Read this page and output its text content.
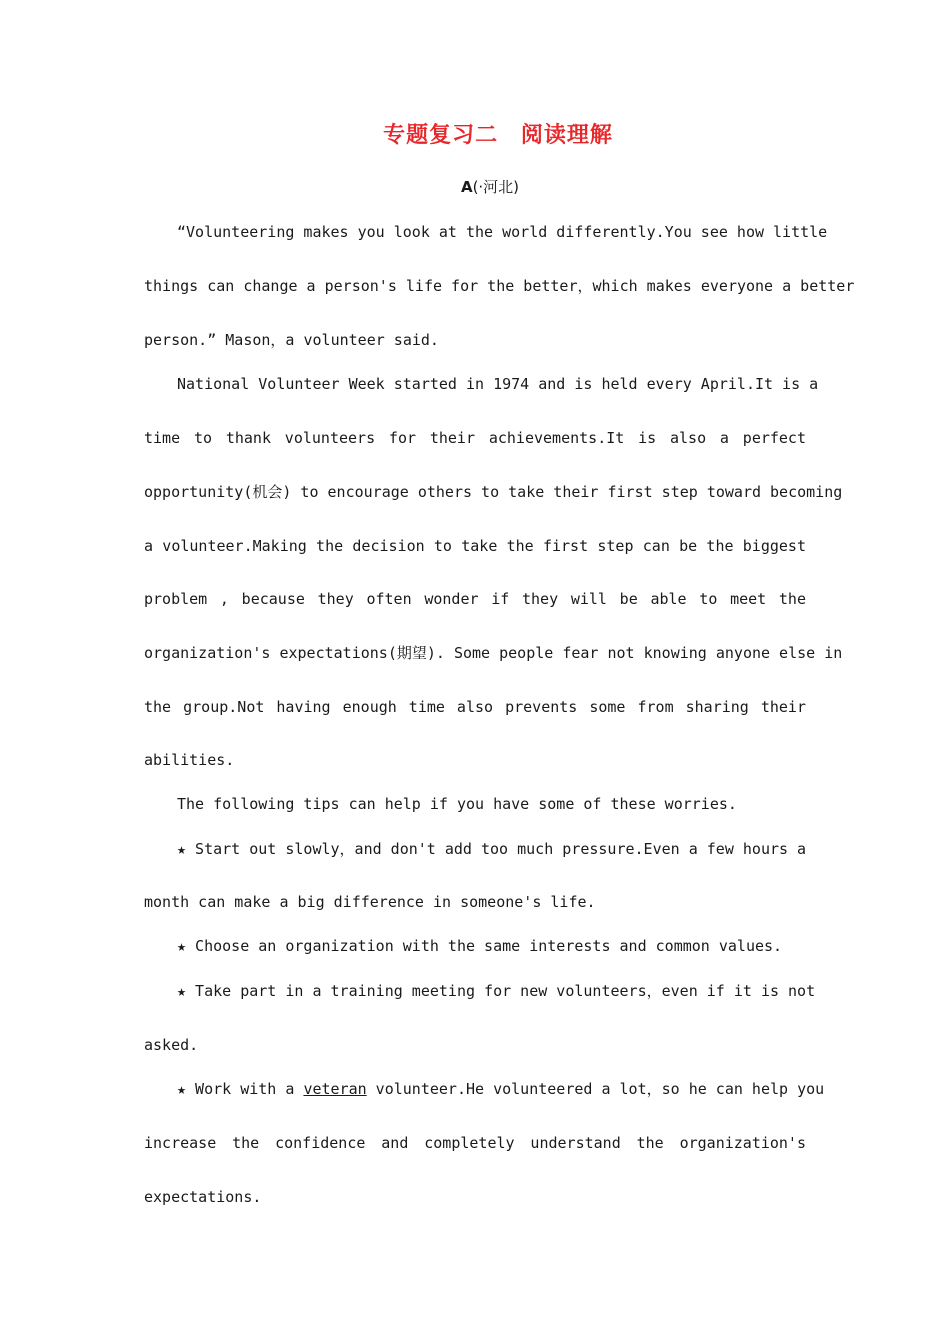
专题复习二 阅读理解
A(·河北)
“Volunteering makes you look at the world differently.You see how little
things can change a person's life for the better，which makes everyone a better
person.” Mason，a volunteer said.
National Volunteer Week started in 1974 and is held every April.It is a
time to thank volunteers for their achievements.It is also a perfect
opportunity(机会) to encourage others to take their first step toward becoming
a volunteer.Making the decision to take the first step can be the biggest
problem , because they often wonder if they will be able to meet the
organization's expectations(期望). Some people fear not knowing anyone else in
the group.Not having enough time also prevents some from sharing their
abilities.
The following tips can help if you have some of these worries.
★ Start out slowly，and don't add too much pressure.Even a few hours a
month can make a big difference in someone's life.
★ Choose an organization with the same interests and common values.
★ Take part in a training meeting for new volunteers，even if it is not
asked.
★ Work with a veteran volunteer.He volunteered a lot，so he can help you
increase the confidence and completely understand the organization's
expectations.
